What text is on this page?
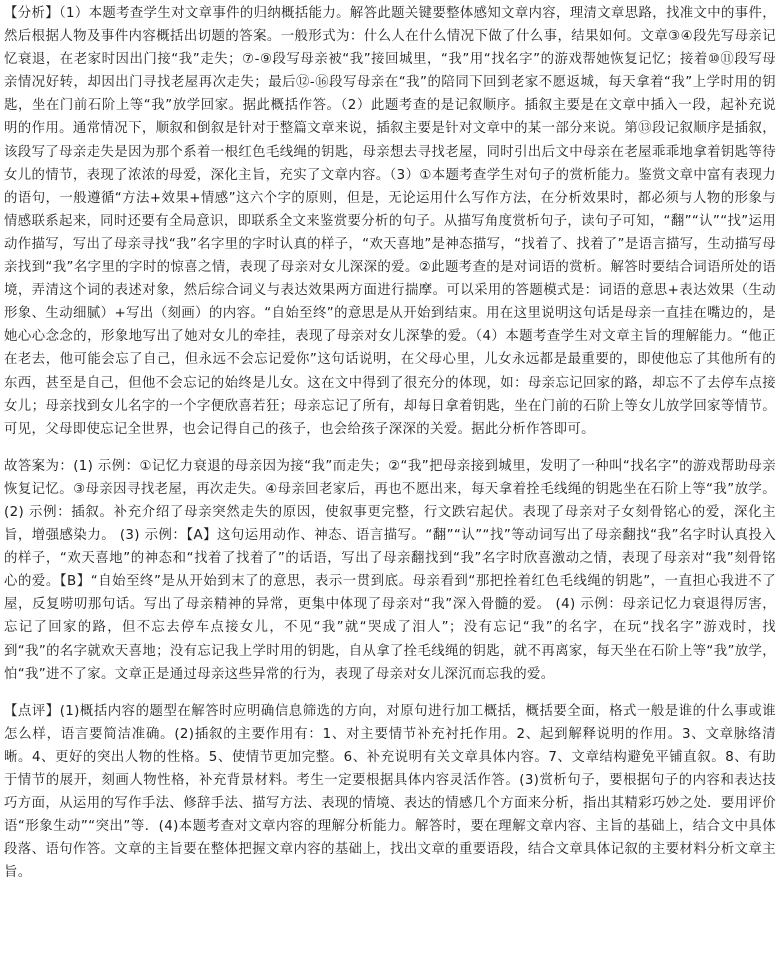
【分析】（1）本题考查学生对文章事件的归纳概括能力。解答此题关键要整体感知文章内容，理清文章思路，找准文中的事件，然后根据人物及事件内容概括出切题的答案。一般形式为：什么人在什么情况下做了什么事，结果如何。文章③④段先写母亲记忆衰退，在老家时因出门接“我”走失；⑦-⑨段写母亲被“我”接回城里，“我”用“找名字”的游戏帮她恢复记忆；接着⑩⑪段写母亲情况好转，却因出门寻找老屋再次走失；最后⑫-⑯段写母亲在“我”的陪同下回到老家不愿返城，每天拿着“我”上学时用的钥匙，坐在门前石阶上等“我”放学回家。据此概括作答。（2）此题考查的是记叙顺序。插叙主要是在文章中插入一段，起补充说明的作用。通常情况下，顺叙和倒叙是针对于整篇文章来说，插叙主要是针对文章中的某一部分来说。第⑬段记叙顺序是插叙，该段写了母亲走失是因为那个系着一根红色毛线绳的钥匙，母亲想去寻找老屋，同时引出后文中母亲在老屋乖乖地拿着钥匙等待女儿的情节，表现了浓浓的母爱，深化主旨，充实了文章内容。（3）①本题考查学生对句子的赏析能力。鉴赏文章中富有表现力的语句，一般遵循“方法+效果+情感”这六个字的原则，但是，无论运用什么写作方法，在分析效果时，都必须与人物的形象与情感联系起来，同时还要有全局意识，即联系全文来鉴赏要分析的句子。从描写角度赏析句子，读句子可知，“翻”“认”“找”运用动作描写，写出了母亲寻找“我”名字里的字时认真的样子，“欢天喜地”是神态描写，“找着了、找着了”是语言描写，生动描写母亲找到“我”名字里的字时的惊喜之情，表现了母亲对女儿深深的爱。②此题考查的是对词语的赏析。解答时要结合词语所处的语境，弄清这个词的表述对象，然后综合词义与表达效果两方面进行揣摩。可以采用的答题模式是：词语的意思+表达效果（生动形象、生动细腻）+写出（刻画）的内容。“自始至终”的意思是从开始到结束。用在这里说明这句话是母亲一直挂在嘴边的，是她心心念念的，形象地写出了她对女儿的牵挂，表现了母亲对女儿深挚的爱。（4）本题考查学生对文章主旨的理解能力。“他正在老去，他可能会忘了自己，但永远不会忘记爱你”这句话说明，在父母心里，儿女永远都是最重要的，即使他忘了其他所有的东西，甚至是自己，但他不会忘记的始终是儿女。这在文中得到了很充分的体现，如：母亲忘记回家的路，却忘不了去停车点接女儿；母亲找到女儿名字的一个字便欣喜若狂；母亲忘记了所有，却每日拿着钥匙，坐在门前的石阶上等女儿放学回家等情节。可见，父母即使忘记全世界，也会记得自己的孩子，也会给孩子深深的关爱。据此分析作答即可。

故答案为：(1) 示例：①记忆力衰退的母亲因为接“我”而走失；②“我”把母亲接到城里，发明了一种叫“找名字”的游戏帮助母亲恢复记忆。③母亲因寻找老屋，再次走失。④母亲回老家后，再也不愿出来，每天拿着拴毛线绳的钥匙坐在石阶上等“我”放学。 (2) 示例：插叙。补充介绍了母亲突然走失的原因，使叙事更完整，行文跌宕起伏。表现了母亲对子女刻骨铭心的爱，深化主旨，增强感染力。 (3) 示例：【A】这句运用动作、神态、语言描写。“翻”“认”“找”等动词写出了母亲翻找“我”名字时认真投入的样子，“欢天喜地”的神态和“找着了找着了”的话语，写出了母亲翻找到“我”名字时欣喜激动之情，表现了母亲对“我”刻骨铭心的爱。【B】“自始至终”是从开始到末了的意思，表示一贯到底。母亲看到“那把拴着红色毛线绳的钥匙”，一直担心我进不了屋，反复唠叨那句话。写出了母亲精神的异常，更集中体现了母亲对“我”深入骨髓的爱。 (4) 示例：母亲记忆力衰退得厉害，忘记了回家的路，但不忘去停车点接女儿，不见“我”就“哭成了泪人”；没有忘记“我”的名字，在玩“找名字”游戏时，找到“我”的名字就欢天喜地；没有忘记我上学时用的钥匙，自从拿了拴毛线绳的钥匙，就不再离家，每天坐在石阶上等“我”放学，怕“我”进不了家。文章正是通过母亲这些异常的行为，表现了母亲对女儿深沉而忘我的爱。

【点评】(1)概括内容的题型在解答时应明确信息筛选的方向，对原句进行加工概括，概括要全面，格式一般是谁的什么事或谁怎么样，语言要简洁准确。(2)插叙的主要作用有：1、对主要情节补充衬托作用。2、起到解释说明的作用。3、文章脉络清晰。4、更好的突出人物的性格。5、使情节更加完整。6、补充说明有关文章具体内容。7、文章结构避免平铺直叙。8、有助于情节的展开，刻画人物性格，补充背景材料。考生一定要根据具体内容灵活作答。(3)赏析句子，要根据句子的内容和表达技巧方面，从运用的写作手法、修辞手法、描写方法、表现的情境、表达的情感几个方面来分析，指出其精彩巧妙之处．要用评价语“形象生动”“突出”等．(4)本题考查对文章内容的理解分析能力。解答时，要在理解文章内容、主旨的基础上，结合文中具体段落、语句作答。文章的主旨要在整体把握文章内容的基础上，找出文章的重要语段，结合文章具体记叙的主要材料分析文章主旨。
